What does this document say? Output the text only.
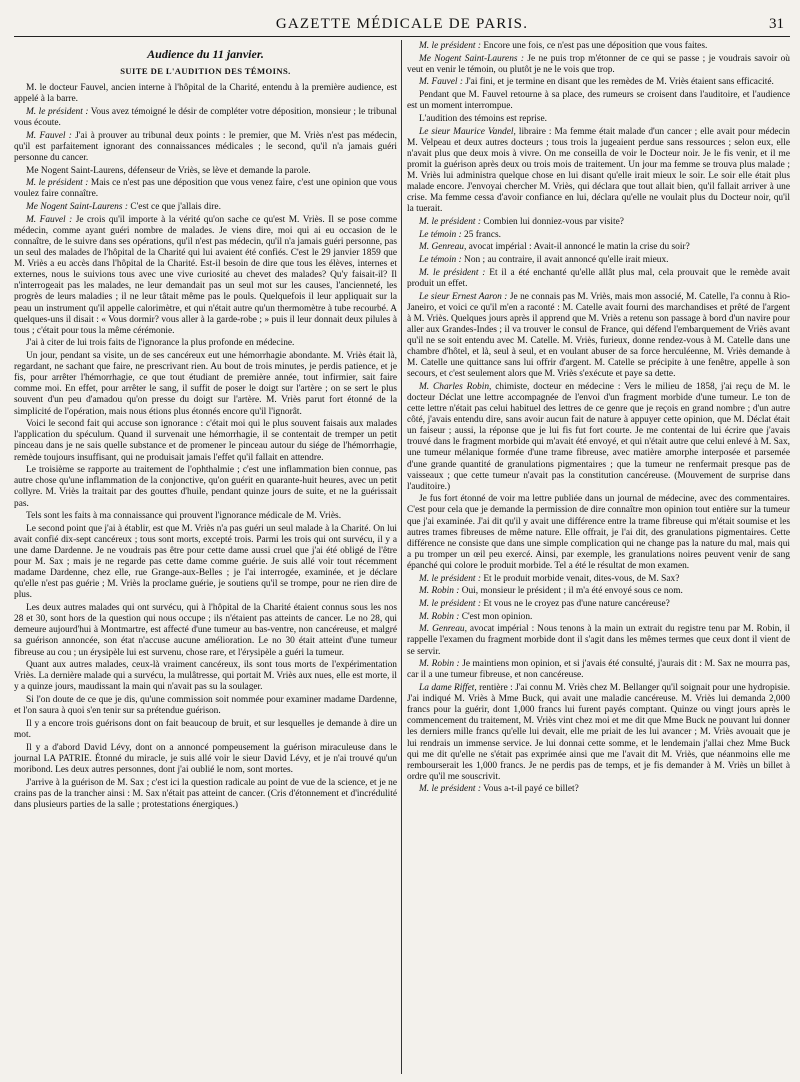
GAZETTE MÉDICALE DE PARIS.	31
Audience du 11 janvier.
SUITE DE L'AUDITION DES TÉMOINS.

M. le docteur Fauvel, ancien interne à l'hôpital de la Charité, entendu à la première audience, est appelé à la barre.

M. le président : Vous avez témoigné le désir de compléter votre déposition, monsieur ; le tribunal vous écoute.

M. Fauvel : J'ai à prouver au tribunal deux points : le premier, que M. Vriès n'est pas médecin, qu'il est parfaitement ignorant des connaissances médicales ; le second, qu'il n'a jamais guéri personne du cancer.

Me Nogent Saint-Laurens, défenseur de Vriès, se lève et demande la parole.

M. le président : Mais ce n'est pas une déposition que vous venez faire, c'est une opinion que vous voulez faire connaître.

Me Nogent Saint-Laurens : C'est ce que j'allais dire.

M. Fauvel : Je crois qu'il importe à la vérité qu'on sache ce qu'est M. Vriès. Il se pose comme médecin, comme ayant guéri nombre de malades. Je viens dire, moi qui ai eu occasion de le connaître, de le suivre dans ses opérations, qu'il n'est pas médecin, qu'il n'a jamais guéri personne, pas un seul des malades de l'hôpital de la Charité qui lui avaient été confiés. C'est le 29 janvier 1859 que M. Vriès a eu accès dans l'hôpital de la Charité. Est-il besoin de dire que tous les élèves, internes et externes, nous le suivions tous avec une vive curiosité au chevet des malades? Qu'y faisait-il? Il n'interrogeait pas les malades, ne leur demandait pas un seul mot sur les causes, l'ancienneté, les progrès de leurs maladies ; il ne leur tâtait même pas le pouls. Quelquefois il leur appliquait sur la peau un instrument qu'il appelle calorimètre, et qui n'était autre qu'un thermomètre à tube recourbé. A quelques-uns il disait : « Vous dormir? vous aller à la garde-robe ; » puis il leur donnait deux pilules à tous ; c'était pour tous la même cérémonie.

J'ai à citer de lui trois faits de l'ignorance la plus profonde en médecine.

Un jour, pendant sa visite, un de ses cancéreux eut une hémorrhagie abondante. M. Vriès était là, regardant, ne sachant que faire, ne prescrivant rien. Au bout de trois minutes, je perdis patience, et je fis, pour arrêter l'hémorrhagie, ce que tout étudiant de première année, tout infirmier, sait faire comme moi. En effet, pour arrêter le sang, il suffit de poser le doigt sur l'artère ; on se sert le plus souvent d'un peu d'amadou qu'on presse du doigt sur l'artère. M. Vriès parut fort étonné de la simplicité de l'opération, mais nous étions plus étonnés encore qu'il l'ignorât.

Voici le second fait qui accuse son ignorance : c'était moi qui le plus souvent faisais aux malades l'application du spéculum. Quand il survenait une hémorrhagie, il se contentait de tremper un petit pinceau dans je ne sais quelle substance et de promener le pinceau autour du siége de l'hémorrhagie, remède toujours insuffisant, qui ne produisait jamais l'effet qu'il fallait en attendre.

Le troisième se rapporte au traitement de l'ophthalmie ; c'est une inflammation bien connue, pas autre chose qu'une inflammation de la conjonctive, qu'on guérit en quarante-huit heures, avec un petit collyre. M. Vriès la traitait par des gouttes d'huile, pendant quinze jours de suite, et ne la guérissait pas.

Tels sont les faits à ma connaissance qui prouvent l'ignorance médicale de M. Vriès.

Le second point que j'ai à établir, est que M. Vriès n'a pas guéri un seul malade à la Charité. On lui avait confié dix-sept cancéreux ; tous sont morts, excepté trois. Parmi les trois qui ont survécu, il y a une dame Dardenne. Je ne voudrais pas être pour cette dame aussi cruel que j'ai été obligé de l'être pour M. Sax ; mais je ne regarde pas cette dame comme guérie. Je suis allé voir tout récemment madame Dardenne, chez elle, rue Grange-aux-Belles ; je l'ai interrogée, examinée, et je déclare qu'elle n'est pas guérie ; M. Vriès la proclame guérie, je soutiens qu'il se trompe, pour ne rien dire de plus.

Les deux autres malades qui ont survécu, qui à l'hôpital de la Charité étaient connus sous les nos 28 et 30, sont hors de la question qui nous occupe ; ils n'étaient pas atteints de cancer. Le no 28, qui demeure aujourd'hui à Montmartre, est affecté d'une tumeur au bas-ventre, non cancéreuse, et malgré sa guérison annoncée, son état n'accuse aucune amélioration. Le no 30 était atteint d'une tumeur fibreuse au cou ; un érysipèle lui est survenu, chose rare, et l'érysipèle a guéri la tumeur.

Quant aux autres malades, ceux-là vraiment cancéreux, ils sont tous morts de l'expérimentation Vriès. La dernière malade qui a survécu, la mulâtresse, qui portait M. Vriès aux nues, elle est morte, il y a quinze jours, maudissant la main qui n'avait pas su la soulager.

Si l'on doute de ce que je dis, qu'une commission soit nommée pour examiner madame Dardenne, et l'on saura à quoi s'en tenir sur sa prétendue guérison.

Il y a encore trois guérisons dont on fait beaucoup de bruit, et sur lesquelles je demande à dire un mot.

Il y a d'abord David Lévy, dont on a annoncé pompeusement la guérison miraculeuse dans le journal LA PATRIE. Étonné du miracle, je suis allé voir le sieur David Lévy, et je n'ai trouvé qu'un moribond. Les deux autres personnes, dont j'ai oublié le nom, sont mortes.

J'arrive à la guérison de M. Sax ; c'est ici la question radicale au point de vue de la science, et je ne crains pas de la trancher ainsi : M. Sax n'était pas atteint de cancer. (Cris d'étonnement et d'incrédulité dans plusieurs parties de la salle ; protestations énergiques.)

M. le président : Encore une fois, ce n'est pas une déposition que vous faites.

Me Nogent Saint-Laurens : Je ne puis trop m'étonner de ce qui se passe ; je voudrais savoir où veut en venir le témoin, ou plutôt je ne le vois que trop.

M. Fauvel : J'ai fini, et je termine en disant que les remèdes de M. Vriès étaient sans efficacité.

Pendant que M. Fauvel retourne à sa place, des rumeurs se croisent dans l'auditoire, et l'audience est un moment interrompue.

L'audition des témoins est reprise.

Le sieur Maurice Vandel, libraire : Ma femme était malade d'un cancer ; elle avait pour médecin M. Velpeau et deux autres docteurs ; tous trois la jugeaient perdue sans ressources ; selon eux, elle n'avait plus que deux mois à vivre. On me conseilla de voir le Docteur noir. Je le fis venir, et il me promit la guérison après deux ou trois mois de traitement. Un jour ma femme se trouva plus malade ; M. Vriès lui administra quelque chose en lui disant qu'elle irait mieux le soir. Le soir elle était plus malade encore. J'envoyai chercher M. Vriès, qui déclara que tout allait bien, qu'il fallait arriver à une crise. Ma femme cessa d'avoir confiance en lui, déclara qu'elle ne voulait plus du Docteur noir, qu'il la tuerait.

M. le président : Combien lui donniez-vous par visite?

Le témoin : 25 francs.

M. Genreau, avocat impérial : Avait-il annoncé le matin la crise du soir?

Le témoin : Non ; au contraire, il avait annoncé qu'elle irait mieux.

M. le président : Et il a été enchanté qu'elle allât plus mal, cela prouvait que le remède avait produit un effet.

Le sieur Ernest Aaron : Je ne connais pas M. Vriès, mais mon associé, M. Catelle, l'a connu à Rio-Janeiro, et voici ce qu'il m'en a raconté : M. Catelle avait fourni des marchandises et prêté de l'argent à M. Vriès. Quelques jours après il apprend que M. Vriès a retenu son passage à bord d'un navire pour aller aux Grandes-Indes ; il va trouver le consul de France, qui défend l'embarquement de Vriès avant qu'il ne se soit entendu avec M. Catelle. M. Vriès, furieux, donne rendez-vous à M. Catelle dans une chambre d'hôtel, et là, seul à seul, et en voulant abuser de sa force herculéenne, M. Vriès demande à M. Catelle une quittance sans lui offrir d'argent. M. Catelle se précipite à une fenêtre, appelle à son secours, et c'est seulement alors que M. Vriès s'exécute et paye sa dette.

M. Charles Robin, chimiste, docteur en médecine : Vers le milieu de 1858, j'ai reçu de M. le docteur Déclat une lettre accompagnée de l'envoi d'un fragment morbide d'une tumeur. Le ton de cette lettre n'était pas celui habituel des lettres de ce genre que je reçois en grand nombre ; d'un autre côté, j'avais entendu dire, sans avoir aucun fait de nature à appuyer cette opinion, que M. Déclat était un faiseur ; aussi, la réponse que je lui fis fut fort courte. Je me contentai de lui écrire que j'avais trouvé dans le fragment morbide qui m'avait été envoyé, et qui n'était autre que celui enlevé à M. Sax, une tumeur mélanique formée d'une trame fibreuse, avec matière amorphe interposée et parsemée d'une grande quantité de granulations pigmentaires ; que la tumeur ne renfermait presque pas de vaisseaux ; que cette tumeur n'avait pas la constitution cancéreuse. (Mouvement de surprise dans l'auditoire.)

Je fus fort étonné de voir ma lettre publiée dans un journal de médecine, avec des commentaires. C'est pour cela que je demande la permission de dire connaître mon opinion tout entière sur la tumeur que j'ai examinée. J'ai dit qu'il y avait une différence entre la trame fibreuse qui m'était soumise et les autres trames fibreuses de même nature. Elle offrait, je l'ai dit, des granulations pigmentaires. Cette différence ne consiste que dans une simple complication qui ne change pas la nature du mal, mais qui a pu tromper un œil peu exercé. Ainsi, par exemple, les granulations noires peuvent venir de sang épanché qui colore le produit morbide. Tel a été le résultat de mon examen.

M. le président : Et le produit morbide venait, dites-vous, de M. Sax?

M. Robin : Oui, monsieur le président ; il m'a été envoyé sous ce nom.

M. le président : Et vous ne le croyez pas d'une nature cancéreuse?

M. Robin : C'est mon opinion.

M. Genreau, avocat impérial : Nous tenons à la main un extrait du registre tenu par M. Robin, il rappelle l'examen du fragment morbide dont il s'agit dans les mêmes termes que ceux dont il vient de se servir.

M. Robin : Je maintiens mon opinion, et si j'avais été consulté, j'aurais dit : M. Sax ne mourra pas, car il a une tumeur fibreuse, et non cancéreuse.

La dame Riffet, rentière : J'ai connu M. Vriès chez M. Bellanger qu'il soignait pour une hydropisie. J'ai indiqué M. Vriès à Mme Buck, qui avait une maladie cancéreuse. M. Vriès lui demanda 2,000 francs pour la guérir, dont 1,000 francs lui furent payés comptant. Quinze ou vingt jours après le commencement du traitement, M. Vriès vint chez moi et me dit que Mme Buck ne pouvant lui donner les derniers mille francs qu'elle lui devait, elle me priait de les lui avancer ; M. Vriès avouait que je lui rendrais un immense service. Je lui donnai cette somme, et le lendemain j'allai chez Mme Buck qui me dit qu'elle ne s'était pas exprimée ainsi que me l'avait dit M. Vriès, que néanmoins elle me rembourserait les 1,000 francs. Je ne perdis pas de temps, et je fis demander à M. Vriès un billet à ordre qu'il me souscrivit.

M. le président : Vous a-t-il payé ce billet?
